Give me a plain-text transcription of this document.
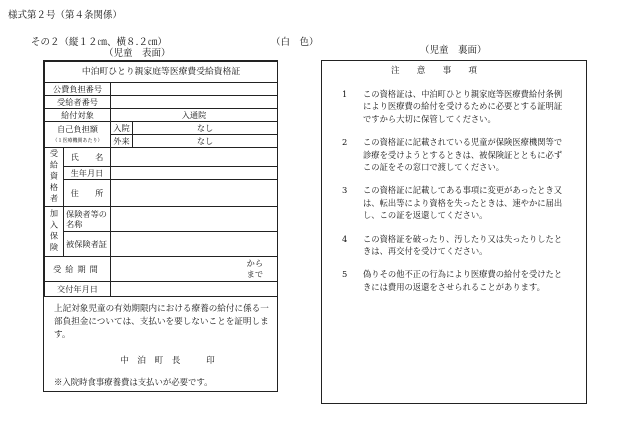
様式第２号（第４条関係）
その２（縦１２㎝、横８.２㎝）	（白　色）
（児童　表面）	（児童　裏面）
中泊町ひとり親家庭等医療費受給資格証			
公費負担番号			
受給者番号			
給付対象		入通院	
自己負担額
（１医療機関あたり）		入院	なし
		外来	なし
受給資格者	氏　　名		
	生年月日		
	住　　所		
加入保険	保険者等の名称		
	被保険者証		
受給期間		から
まで	
交付年月日			
上記対象児童の有効期限内における療養の給付に係る一部負担金については、支払いを要しないことを証明します。
中　泊　町　長　　　印
※入院時食事療養費は支払いが必要です。
注　　意　　事　　項
1	この資格証は、中泊町ひとり親家庭等医療費給付条例により医療費の給付を受けるために必要とする証明証ですから大切に保管してください。
2	この資格証に記載されている児童が保険医療機関等で診療を受けようとするときは、被保険証とともに必ずこの証をその窓口で渡してください。
3	この資格証に記載してある事項に変更があったとき又は、転出等により資格を失ったときは、速やかに届出し、この証を返還してください。
4	この資格証を破ったり、汚したり又は失ったりしたときは、再交付を受けてください。
5	偽りその他不正の行為により医療費の給付を受けたときには費用の返還をさせられることがあります。
